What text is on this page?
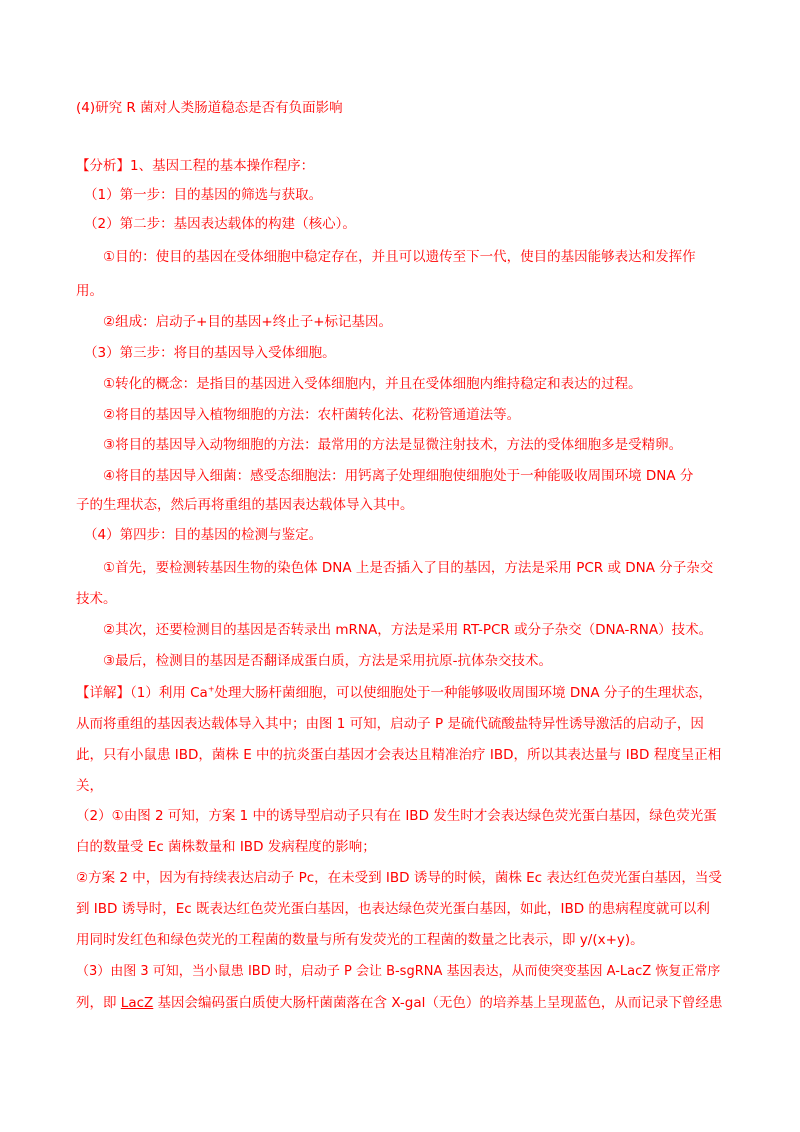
(4)研究 R 菌对人类肠道稳态是否有负面影响
【分析】1、基因工程的基本操作程序：
（1）第一步：目的基因的筛选与获取。
（2）第二步：基因表达载体的构建（核心）。
①目的：使目的基因在受体细胞中稳定存在，并且可以遗传至下一代，使目的基因能够表达和发挥作
用。
②组成：启动子+目的基因+终止子+标记基因。
（3）第三步：将目的基因导入受体细胞。
①转化的概念：是指目的基因进入受体细胞内，并且在受体细胞内维持稳定和表达的过程。
②将目的基因导入植物细胞的方法：农杆菌转化法、花粉管通道法等。
③将目的基因导入动物细胞的方法：最常用的方法是显微注射技术，方法的受体细胞多是受精卵。
④将目的基因导入细菌：感受态细胞法：用钙离子处理细胞使细胞处于一种能吸收周围环境 DNA 分
子的生理状态，然后再将重组的基因表达载体导入其中。
（4）第四步：目的基因的检测与鉴定。
①首先，要检测转基因生物的染色体 DNA 上是否插入了目的基因，方法是采用 PCR 或 DNA 分子杂交
技术。
②其次，还要检测目的基因是否转录出 mRNA，方法是采用 RT-PCR 或分子杂交（DNA-RNA）技术。
③最后，检测目的基因是否翻译成蛋白质，方法是采用抗原-抗体杂交技术。
【详解】（1）利用 Ca+处理大肠杆菌细胞，可以使细胞处于一种能够吸收周围环境 DNA 分子的生理状态，
从而将重组的基因表达载体导入其中；由图 1 可知，启动子 P 是硫代硫酸盐特异性诱导激活的启动子，因
此，只有小鼠患 IBD，菌株 E 中的抗炎蛋白基因才会表达且精准治疗 IBD，所以其表达量与 IBD 程度呈正相
关，
（2）①由图 2 可知，方案 1 中的诱导型启动子只有在 IBD 发生时才会表达绿色荧光蛋白基因，绿色荧光蛋
白的数量受 Ec 菌株数量和 IBD 发病程度的影响；
②方案 2 中，因为有持续表达启动子 Pc，在未受到 IBD 诱导的时候，菌株 Ec 表达红色荧光蛋白基因，当受
到 IBD 诱导时，Ec 既表达红色荧光蛋白基因，也表达绿色荧光蛋白基因，如此，IBD 的患病程度就可以利
用同时发红色和绿色荧光的工程菌的数量与所有发荧光的工程菌的数量之比表示，即 y/(x+y)。
（3）由图 3 可知，当小鼠患 IBD 时，启动子 P 会让 B-sgRNA 基因表达，从而使突变基因 A-LacZ 恢复正常序
列，即 LacZ 基因会编码蛋白质使大肠杆菌菌落在含 X-gal（无色）的培养基上呈现蓝色，从而记录下曾经患
